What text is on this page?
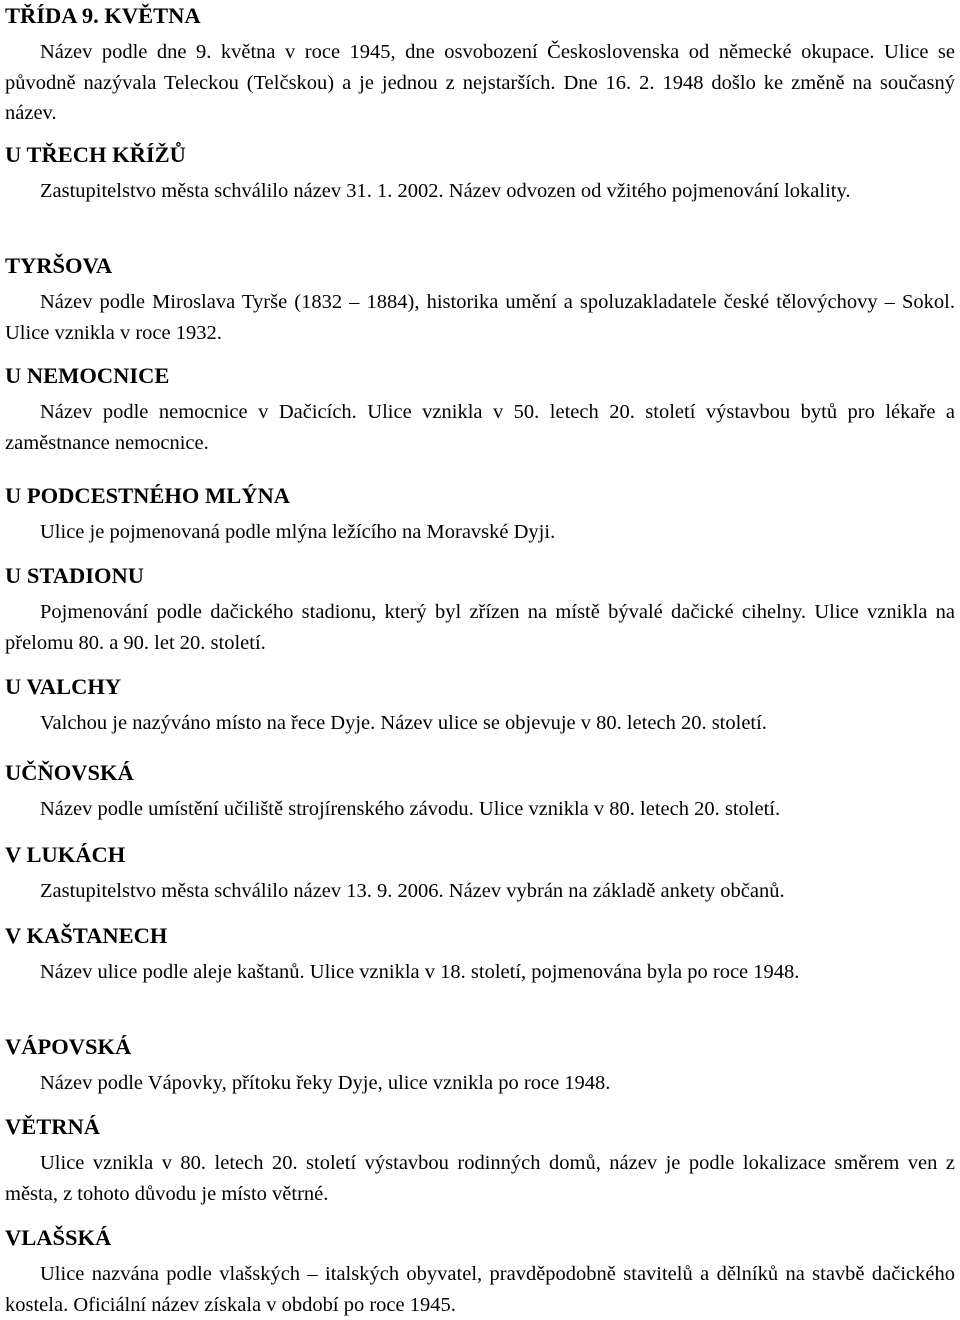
TŘÍDA 9. KVĚTNA

Název podle dne 9. května v roce 1945, dne osvobození Československa od německé okupace. Ulice se původně nazývala Teleckou (Telčskou) a je jednou z nejstarších. Dne 16. 2. 1948 došlo ke změně na současný název.

U TŘECH KŘÍŽŮ

Zastupitelstvo města schválilo název 31. 1. 2002. Název odvozen od vžitého pojmenování lokality.

TYRŠOVA

Název podle Miroslava Tyrše (1832 – 1884), historika umění a spoluzakladatele české tělovýchovy – Sokol. Ulice vznikla v roce 1932.

U NEMOCNICE

Název podle nemocnice v Dačicích. Ulice vznikla v 50. letech 20. století výstavbou bytů pro lékaře a zaměstnance nemocnice.

U PODCESTNÉHO MLÝNA

Ulice je pojmenovaná podle mlýna ležícího na Moravské Dyji.

U STADIONU

Pojmenování podle dačického stadionu, který byl zřízen na místě bývalé dačické cihelny. Ulice vznikla na přelomu 80. a 90. let 20. století.

U VALCHY

Valchou je nazýváno místo na řece Dyje. Název ulice se objevuje v 80. letech 20. století.

UČŇOVSKÁ

Název podle umístění učiliště strojírenského závodu. Ulice vznikla v 80. letech 20. století.

V LUKÁCH

Zastupitelstvo města schválilo název 13. 9. 2006. Název vybrán na základě ankety občanů.

V KAŠTANECH

Název ulice podle aleje kaštanů. Ulice vznikla v 18. století, pojmenována byla po roce 1948.

VÁPOVSKÁ

Název podle Vápovky, přítoku řeky Dyje, ulice vznikla po roce 1948.

VĚTRNÁ

Ulice vznikla v 80. letech 20. století výstavbou rodinných domů, název je podle lokalizace směrem ven z města, z tohoto důvodu je místo větrné.

VLAŠSKÁ

Ulice nazvána podle vlašských – italských obyvatel, pravděpodobně stavitelů a dělníků na stavbě dačického kostela. Oficiální název získala v období po roce 1945.
